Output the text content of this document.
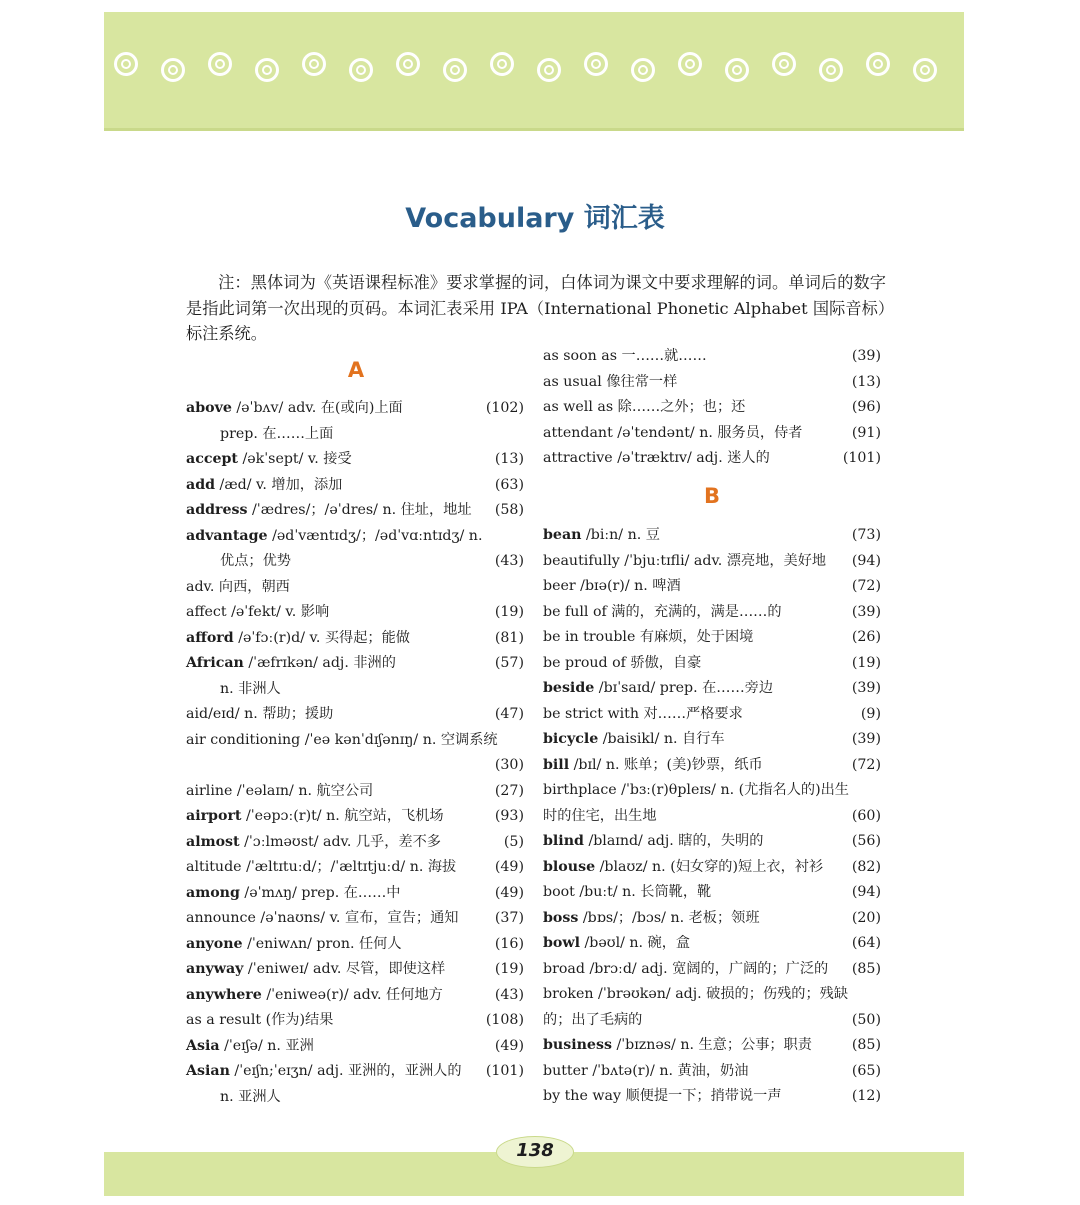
Vocabulary 词汇表
注：黑体词为《英语课程标准》要求掌握的词，白体词为课文中要求理解的词。单词后的数字是指此词第一次出现的页码。本词汇表采用 IPA（International Phonetic Alphabet 国际音标）标注系统。
A
B
above /əˈbʌv/ adv. 在(或向)上面	(102)
prep. 在……上面
accept /əkˈsept/ v. 接受	(13)
add /æd/ v. 增加，添加	(63)
address /ˈædres/；/əˈdres/ n. 住址，地址 (58)
advantage /ədˈvæntɪdʒ/；/ədˈvɑːntɪdʒ/ n.
优点；优势	(43)
adv. 向西，朝西
affect /əˈfekt/ v. 影响	(19)
afford /əˈfɔː(r)d/ v. 买得起；能做	(81)
African /ˈæfrɪkən/ adj. 非洲的	(57)
n. 非洲人
aid/eɪd/ n. 帮助；援助	(47)
air conditioning /ˈeə kənˈdɪʃənɪŋ/ n. 空调系统
(30)
airline /ˈeəlaɪn/ n. 航空公司	(27)
airport /ˈeəpɔː(r)t/ n. 航空站，飞机场	(93)
almost /ˈɔːlməʊst/ adv. 几乎，差不多	(5)
altitude /ˈæltɪtuːd/；/ˈæltɪtjuːd/ n. 海拔	(49)
among /əˈmʌŋ/ prep. 在……中	(49)
announce /əˈnaʊns/ v. 宣布，宣告；通知	(37)
anyone /ˈeniwʌn/ pron. 任何人	(16)
anyway /ˈeniweɪ/ adv. 尽管，即使这样	(19)
anywhere /ˈeniweə(r)/ adv. 任何地方	(43)
as a result (作为)结果	(108)
Asia /ˈeɪʃə/ n. 亚洲	(49)
Asian /ˈeɪʃn;ˈeɪʒn/ adj. 亚洲的，亚洲人的 (101)
n. 亚洲人
as soon as 一……就……	(39)
as usual 像往常一样	(13)
as well as 除……之外；也；还	(96)
attendant /əˈtendənt/ n. 服务员，侍者	(91)
attractive /əˈtræktɪv/ adj. 迷人的	(101)
bean /biːn/ n. 豆	(73)
beautifully /ˈbjuːtɪfli/ adv. 漂亮地，美好地 (94)
beer /bɪə(r)/ n. 啤酒	(72)
be full of 满的，充满的，满是……的	(39)
be in trouble 有麻烦，处于困境	(26)
be proud of 骄傲，自豪	(19)
beside /bɪˈsaɪd/ prep. 在……旁边	(39)
be strict with 对……严格要求	(9)
bicycle /baisikl/ n. 自行车	(39)
bill /bɪl/ n. 账单；(美)钞票，纸币	(72)
birthplace /ˈbɜː(r)θpleɪs/ n. (尤指名人的)出生
时的住宅，出生地	(60)
blind /blaɪnd/ adj. 瞎的，失明的	(56)
blouse /blaʊz/ n. (妇女穿的)短上衣，衬衫 (82)
boot /buːt/ n. 长筒靴，靴	(94)
boss /bɒs/；/bɔs/ n. 老板；领班	(20)
bowl /bəʊl/ n. 碗，盒	(64)
broad /brɔːd/ adj. 宽阔的，广阔的；广泛的 (85)
broken /ˈbrəʊkən/ adj. 破损的；伤残的；残缺
的；出了毛病的	(50)
business /ˈbɪznəs/ n. 生意；公事；职责	(85)
butter /ˈbʌtə(r)/ n. 黄油，奶油	(65)
by the way 顺便提一下；捎带说一声	(12)
138
